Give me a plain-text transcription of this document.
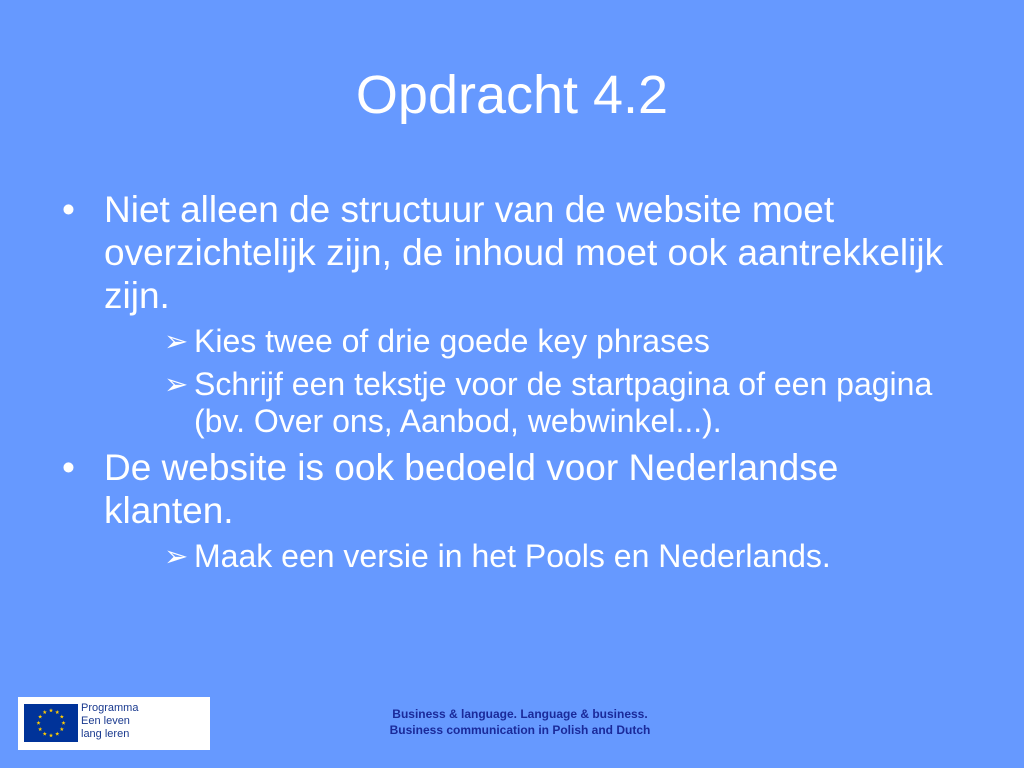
Opdracht 4.2
• Niet alleen de structuur van de website moet overzichtelijk zijn, de inhoud moet ook aantrekkelijk zijn.
➢ Kies twee of drie goede key phrases
➢ Schrijf een tekstje voor de startpagina of een pagina (bv. Over ons, Aanbod, webwinkel...).
• De website is ook bedoeld voor Nederlandse klanten.
➢ Maak een versie in het Pools en Nederlands.
Programma
Een leven
lang leren
Business & language. Language & business.
Business communication in Polish and Dutch
